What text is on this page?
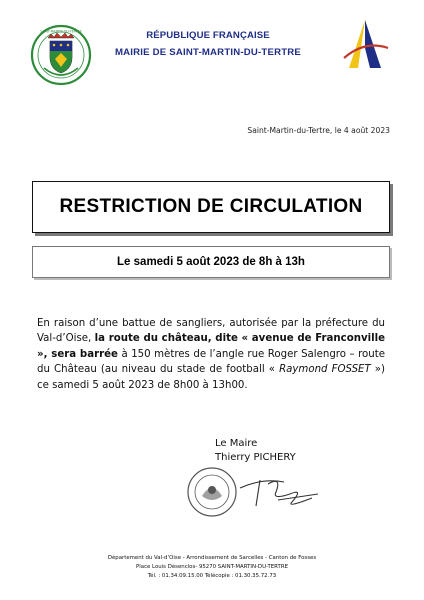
SAINT-MARTIN-DU-TERTRE	RÉPUBLIQUE FRANÇAISE
MAIRIE DE SAINT-MARTIN-DU-TERTRE
Saint-Martin-du-Tertre, le 4 août 2023
RESTRICTION DE CIRCULATION
Le samedi 5 août 2023 de 8h à 13h
En raison d’une battue de sangliers, autorisée par la préfecture du Val-d’Oise, la route du château, dite « avenue de Franconville », sera barrée à 150 mètres de l’angle rue Roger Salengro – route du Château (au niveau du stade de football « Raymond FOSSET ») ce samedi 5 août 2023 de 8h00 à 13h00.
Le Maire
Thierry PICHERY
Département du Val-d’Oise - Arrondissement de Sarcelles - Canton de Fosses
Place Louis Désenclos- 95270 SAINT-MARTIN-DU-TERTRE
Tél. : 01.34.09.15.00 Télécopie : 01.30.35.72.73
